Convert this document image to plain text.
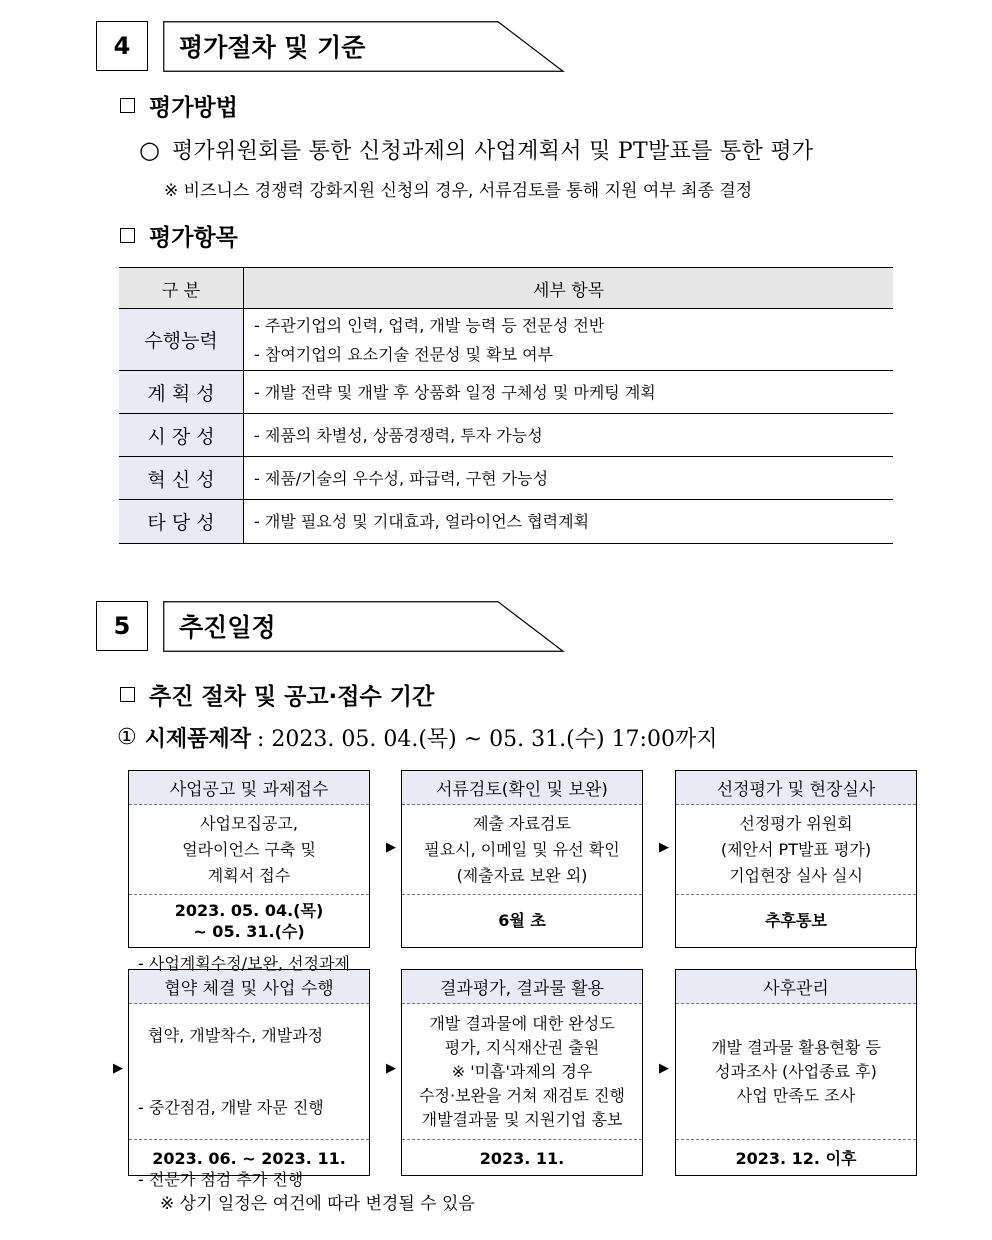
4	평가절차 및 기준
평가방법
○ 평가위원회를 통한 신청과제의 사업계획서 및 PT발표를 통한 평가
※ 비즈니스 경쟁력 강화지원 신청의 경우, 서류검토를 통해 지원 여부 최종 결정
평가항목
구 분	세부 항목
수행능력	- 주관기업의 인력, 업력, 개발 능력 등 전문성 전반
- 참여기업의 요소기술 전문성 및 확보 여부

계 획 성	- 개발 전략 및 개발 후 상품화 일정 구체성 및 마케팅 계획
시 장 성	- 제품의 차별성, 상품경쟁력, 투자 가능성
혁 신 성	- 제품/기술의 우수성, 파급력, 구현 가능성
타 당 성	- 개발 필요성 및 기대효과, 얼라이언스 협력계획
5	추진일정
추진 절차 및 공고·접수 기간
① 시제품제작 : 2023. 05. 04.(목) ~ 05. 31.(수) 17:00까지
사업공고 및 과제접수
사업모집공고,
얼라이언스 구축 및
계획서 접수
2023. 05. 04.(목)
~ 05. 31.(수)
▶
서류검토(확인 및 보완)
제출 자료검토
필요시, 이메일 및 유선 확인
(제출자료 보완 외)
6월 초
▶
선정평가 및 현장실사
선정평가 위원회
(제안서 PT발표 평가)
기업현장 실사 실시
추후통보
▶
협약 체결 및 사업 수행

- 사업계획수정/보완, 선정과제

협약, 개발착수, 개발과정

- 중간점검, 개발 자문 진행

- 전문가 점검 추가 진행

2023. 06. ~ 2023. 11.
▶
결과평가, 결과물 활용
개발 결과물에 대한 완성도
평가, 지식재산권 출원
※ '미흡'과제의 경우
수정·보완을 거쳐 재검토 진행
개발결과물 및 지원기업 홍보
2023. 11.
▶
사후관리
개발 결과물 활용현황 등
성과조사 (사업종료 후)
사업 만족도 조사
2023. 12. 이후
※ 상기 일정은 여건에 따라 변경될 수 있음
